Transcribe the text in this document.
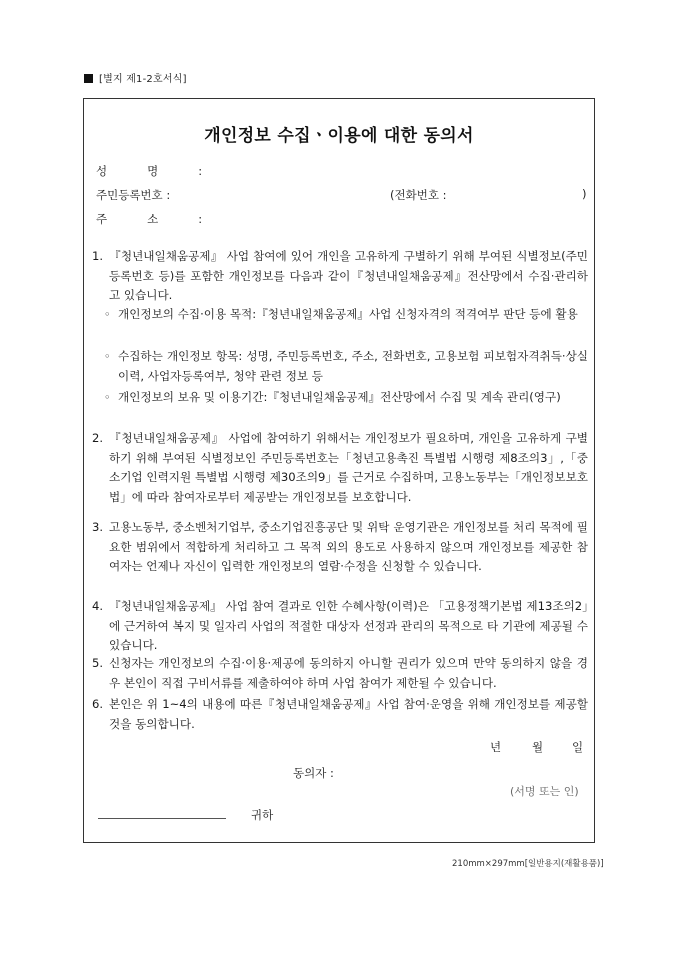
[별지 제1-2호서식]
개인정보 수집ㆍ이용에 대한 동의서
성명:
주민등록번호 :	(전화번호 :	)
주소:
1. 『청년내일채움공제』 사업 참여에 있어 개인을 고유하게 구별하기 위해 부여된 식별정보(주민등록번호 등)를 포함한 개인정보를 다음과 같이『청년내일채움공제』전산망에서 수집·관리하고 있습니다.
◦ 개인정보의 수집·이용 목적:『청년내일채움공제』사업 신청자격의 적격여부 판단 등에 활용
◦ 수집하는 개인정보 항목: 성명, 주민등록번호, 주소, 전화번호, 고용보험 피보험자격취득·상실이력, 사업자등록여부, 청약 관련 정보 등
◦ 개인정보의 보유 및 이용기간:『청년내일채움공제』전산망에서 수집 및 계속 관리(영구)
2. 『청년내일채움공제』 사업에 참여하기 위해서는 개인정보가 필요하며, 개인을 고유하게 구별하기 위해 부여된 식별정보인 주민등록번호는「청년고용촉진 특별법 시행령 제8조의3」,「중소기업 인력지원 특별법 시행령 제30조의9」를 근거로 수집하며, 고용노동부는「개인정보보호법」에 따라 참여자로부터 제공받는 개인정보를 보호합니다.
3. 고용노동부, 중소벤처기업부, 중소기업진흥공단 및 위탁 운영기관은 개인정보를 처리 목적에 필요한 범위에서 적합하게 처리하고 그 목적 외의 용도로 사용하지 않으며 개인정보를 제공한 참여자는 언제나 자신이 입력한 개인정보의 열람·수정을 신청할 수 있습니다.
4. 『청년내일채움공제』 사업 참여 결과로 인한 수혜사항(이력)은 「고용정책기본법 제13조의2」에 근거하여 복지 및 일자리 사업의 적절한 대상자 선정과 관리의 목적으로 타 기관에 제공될 수 있습니다.
5. 신청자는 개인정보의 수집·이용·제공에 동의하지 아니할 권리가 있으며 만약 동의하지 않을 경우 본인이 직접 구비서류를 제출하여야 하며 사업 참여가 제한될 수 있습니다.
6. 본인은 위 1~4의 내용에 따른『청년내일채움공제』사업 참여·운영을 위해 개인정보를 제공할 것을 동의합니다.
년	월	일
동의자 :
(서명 또는 인)
귀하
210mm×297mm[일반용지(재활용품)]
